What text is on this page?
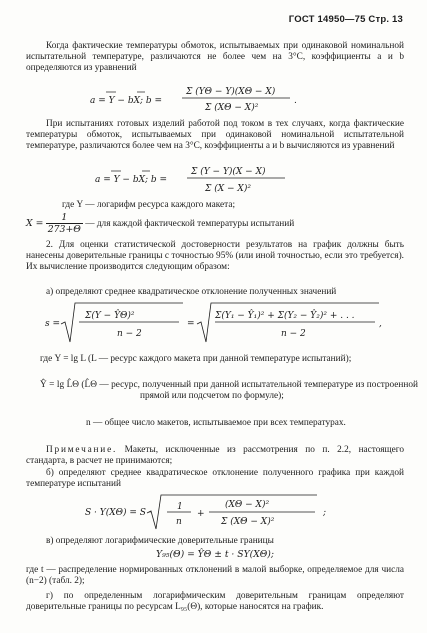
ГОСТ 14950—75 Стр. 13
Когда фактические температуры обмоток, испытываемых при одинаковой номинальной испытательной температуре, различаются не более чем на 3°С, коэффициенты a и b определяются из уравнений
a = Y − bX; b =
Σ (YΘ − Y)(XΘ − X)
Σ (XΘ − X)²
.
При испытаниях готовых изделий работой под током в тех случаях, когда фактические температуры обмоток, испытываемых при одинаковой номинальной испытательной температуре, различаются более чем на 3°С, коэффициенты a и b вычисляются из уравнений
a = Y − bX; b =
Σ (Y − Y)(X − X)
Σ (X − X)²
где Y — логарифм ресурса каждого макета;
$X = \frac{1}{273+\Theta}$ — для каждой фактической температуры испытаний
2. Для оценки статистической достоверности результатов на график должны быть нанесены доверительные границы с точностью 95% (или иной точностью, если это требуется). Их вычисление производится следующим образом:
а) определяют среднее квадратическое отклонение полученных значений
s =
Σ(Y − ŶΘ)²
n − 2
=
Σ(Y₁ − Ŷ₁)² + Σ(Y₂ − Ŷ₂)² + . . .
n − 2
,
где Y = lg L (L — ресурс каждого макета при данной температуре испытаний);
Ŷ = lg L̂Θ (L̂Θ — ресурс, полученный при данной испытательной температуре из построенной прямой или подсчетом по формуле);
n — общее число макетов, испытываемое при всех температурах.
Примечание. Макеты, исключенные из рассмотрения по п. 2.2, настоящего стандарта, в расчет не принимаются;
б) определяют среднее квадратическое отклонение полученного графика при каждой температуре испытаний
S · Y(XΘ) = S ·
1
n
+
(XΘ − X)²
Σ (XΘ − X)²
;
в) определяют логарифмические доверительные границы
Y₉₅(Θ) = ŶΘ ± t · SY(XΘ);
где t — распределение нормированных отклонений в малой выборке, определяемое для числа (n−2) (табл. 2);
г) по определенным логарифмическим доверительным границам определяют доверительные границы по ресурсам L₉₅(Θ), которые наносятся на график.
